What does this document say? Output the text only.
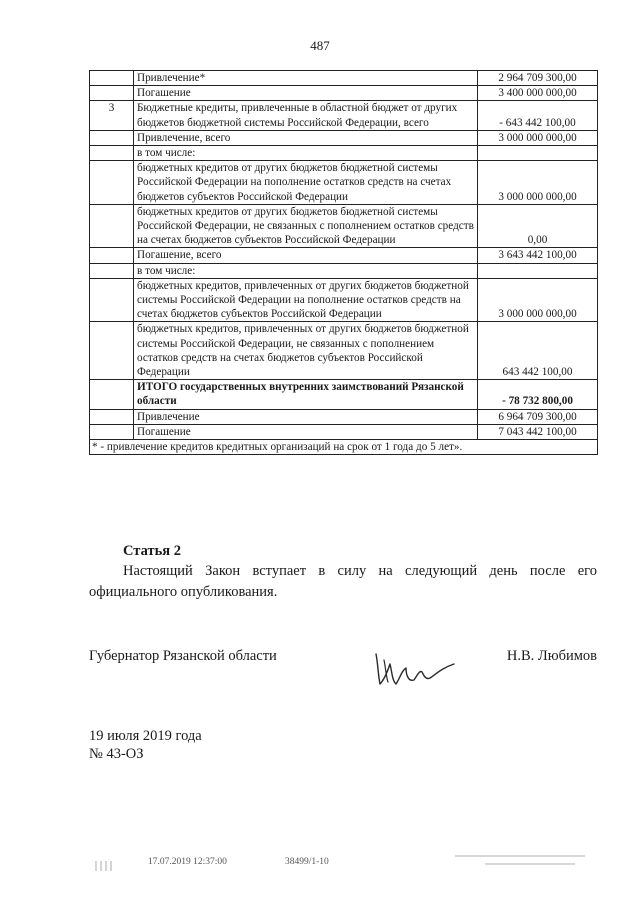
487
	Привлечение*	2 964 709 300,00
	Погашение	3 400 000 000,00
3	Бюджетные кредиты, привлеченные в областной бюджет от других бюджетов бюджетной системы Российской Федерации, всего	- 643 442 100,00
	Привлечение, всего	3 000 000 000,00
	в том числе:	
	бюджетных кредитов от других бюджетов бюджетной системы Российской Федерации на пополнение остатков средств на счетах бюджетов субъектов Российской Федерации	3 000 000 000,00
	бюджетных кредитов от других бюджетов бюджетной системы Российской Федерации, не связанных с пополнением остатков средств на счетах бюджетов субъектов Российской Федерации	0,00
	Погашение, всего	3 643 442 100,00
	в том числе:	
	бюджетных кредитов, привлеченных от других бюджетов бюджетной системы Российской Федерации на пополнение остатков средств на счетах бюджетов субъектов Российской Федерации	3 000 000 000,00
	бюджетных кредитов, привлеченных от других бюджетов бюджетной системы Российской Федерации, не связанных с пополнением остатков средств на счетах бюджетов субъектов Российской Федерации	643 442 100,00
	ИТОГО государственных внутренних заимствований Рязанской области	- 78 732 800,00
	Привлечение	6 964 709 300,00
	Погашение	7 043 442 100,00
* - привлечение кредитов кредитных организаций на срок от 1 года до 5 лет».		
Статья 2
Настоящий Закон вступает в силу на следующий день после его официального опубликования.
Губернатор Рязанской области	Н.В. Любимов
19 июля 2019 года
№ 43-ОЗ
17.07.2019 12:37:00	38499/1-10
